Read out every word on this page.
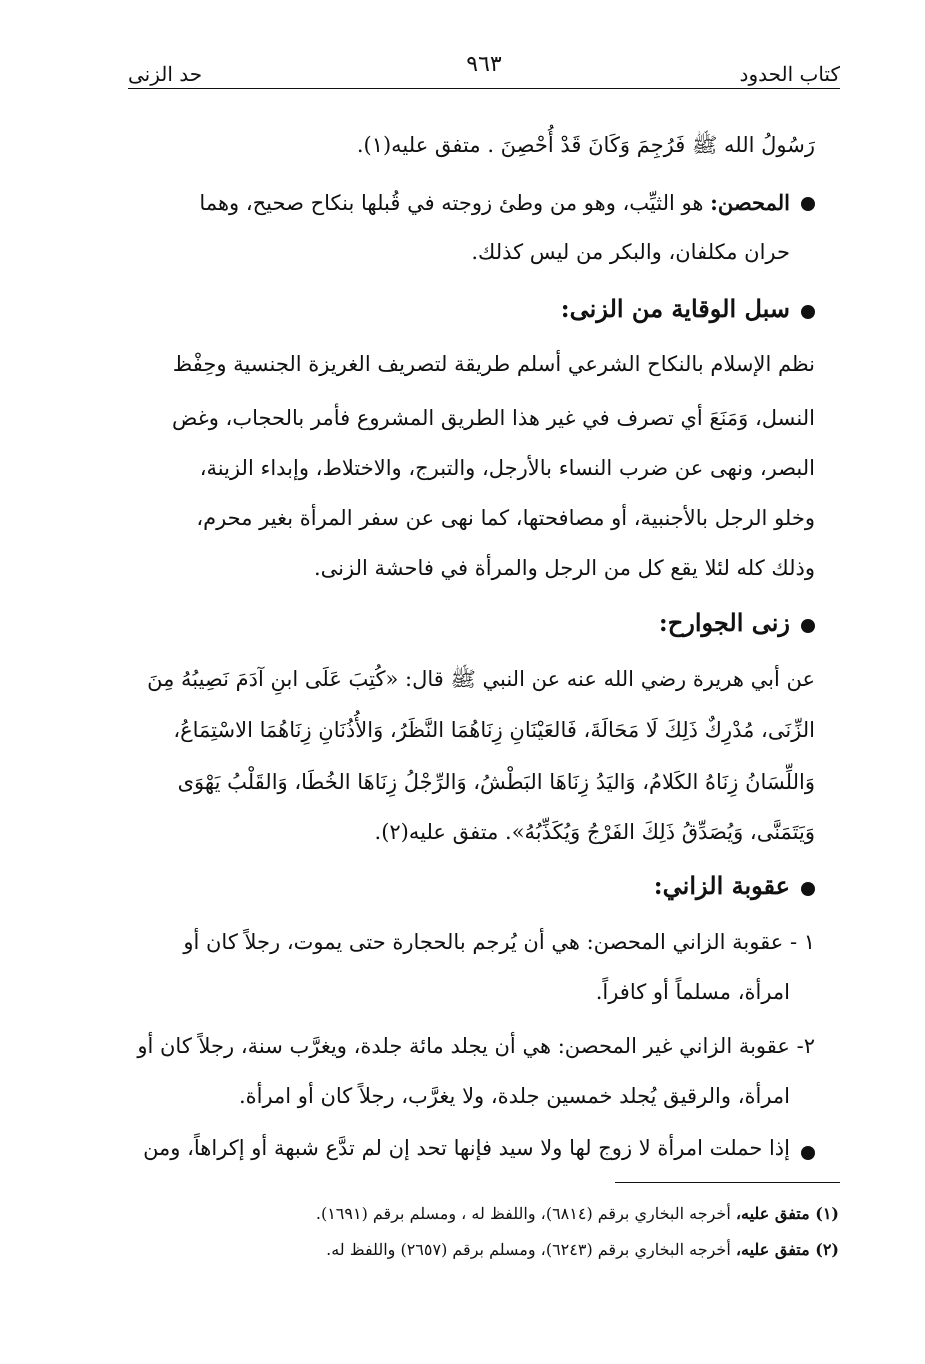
كتاب الحدود
٩٦٣
حد الزنى
رَسُولُ الله ﷺ فَرُجِمَ وَكَانَ قَدْ أُحْصِنَ . متفق عليه(١).
المحصن: هو الثيِّب، وهو من وطئ زوجته في قُبلها بنكاح صحيح، وهما
حران مكلفان، والبكر من ليس كذلك.
سبل الوقاية من الزنى:
نظم الإسلام بالنكاح الشرعي أسلم طريقة لتصريف الغريزة الجنسية وحِفْظ
النسل، وَمَنَعَ أي تصرف في غير هذا الطريق المشروع فأمر بالحجاب، وغض
البصر، ونهى عن ضرب النساء بالأرجل، والتبرج، والاختلاط، وإبداء الزينة،
وخلو الرجل بالأجنبية، أو مصافحتها، كما نهى عن سفر المرأة بغير محرم،
وذلك كله لئلا يقع كل من الرجل والمرأة في فاحشة الزنى.
زنى الجوارح:
عن أبي هريرة رضي الله عنه عن النبي ﷺ قال: «كُتِبَ عَلَى ابنِ آدَمَ نَصِيبُهُ مِنَ
الزِّنَى، مُدْرِكٌ ذَلِكَ لَا مَحَالَةَ، فَالعَيْنَانِ زِنَاهُمَا النَّظَرُ، وَالأُذُنَانِ زِنَاهُمَا الاسْتِمَاعُ،
وَاللِّسَانُ زِنَاهُ الكَلامُ، وَاليَدُ زِنَاهَا البَطْشُ، وَالرِّجْلُ زِنَاهَا الخُطَا، وَالقَلْبُ يَهْوَى
وَيَتَمَنَّى، وَيُصَدِّقُ ذَلِكَ الفَرْجُ وَيُكَذِّبُهُ». متفق عليه(٢).
عقوبة الزاني:
١ - عقوبة الزاني المحصن: هي أن يُرجم بالحجارة حتى يموت، رجلاً كان أو
امرأة، مسلماً أو كافراً.
٢- عقوبة الزاني غير المحصن: هي أن يجلد مائة جلدة، ويغرَّب سنة، رجلاً كان أو
امرأة، والرقيق يُجلد خمسين جلدة، ولا يغرَّب، رجلاً كان أو امرأة.
إذا حملت امرأة لا زوج لها ولا سيد فإنها تحد إن لم تدَّع شبهة أو إكراهاً، ومن
(١) متفق عليه، أخرجه البخاري برقم (٦٨١٤)، واللفظ له ، ومسلم برقم (١٦٩١).
(٢) متفق عليه، أخرجه البخاري برقم (٦٢٤٣)، ومسلم برقم (٢٦٥٧) واللفظ له.
